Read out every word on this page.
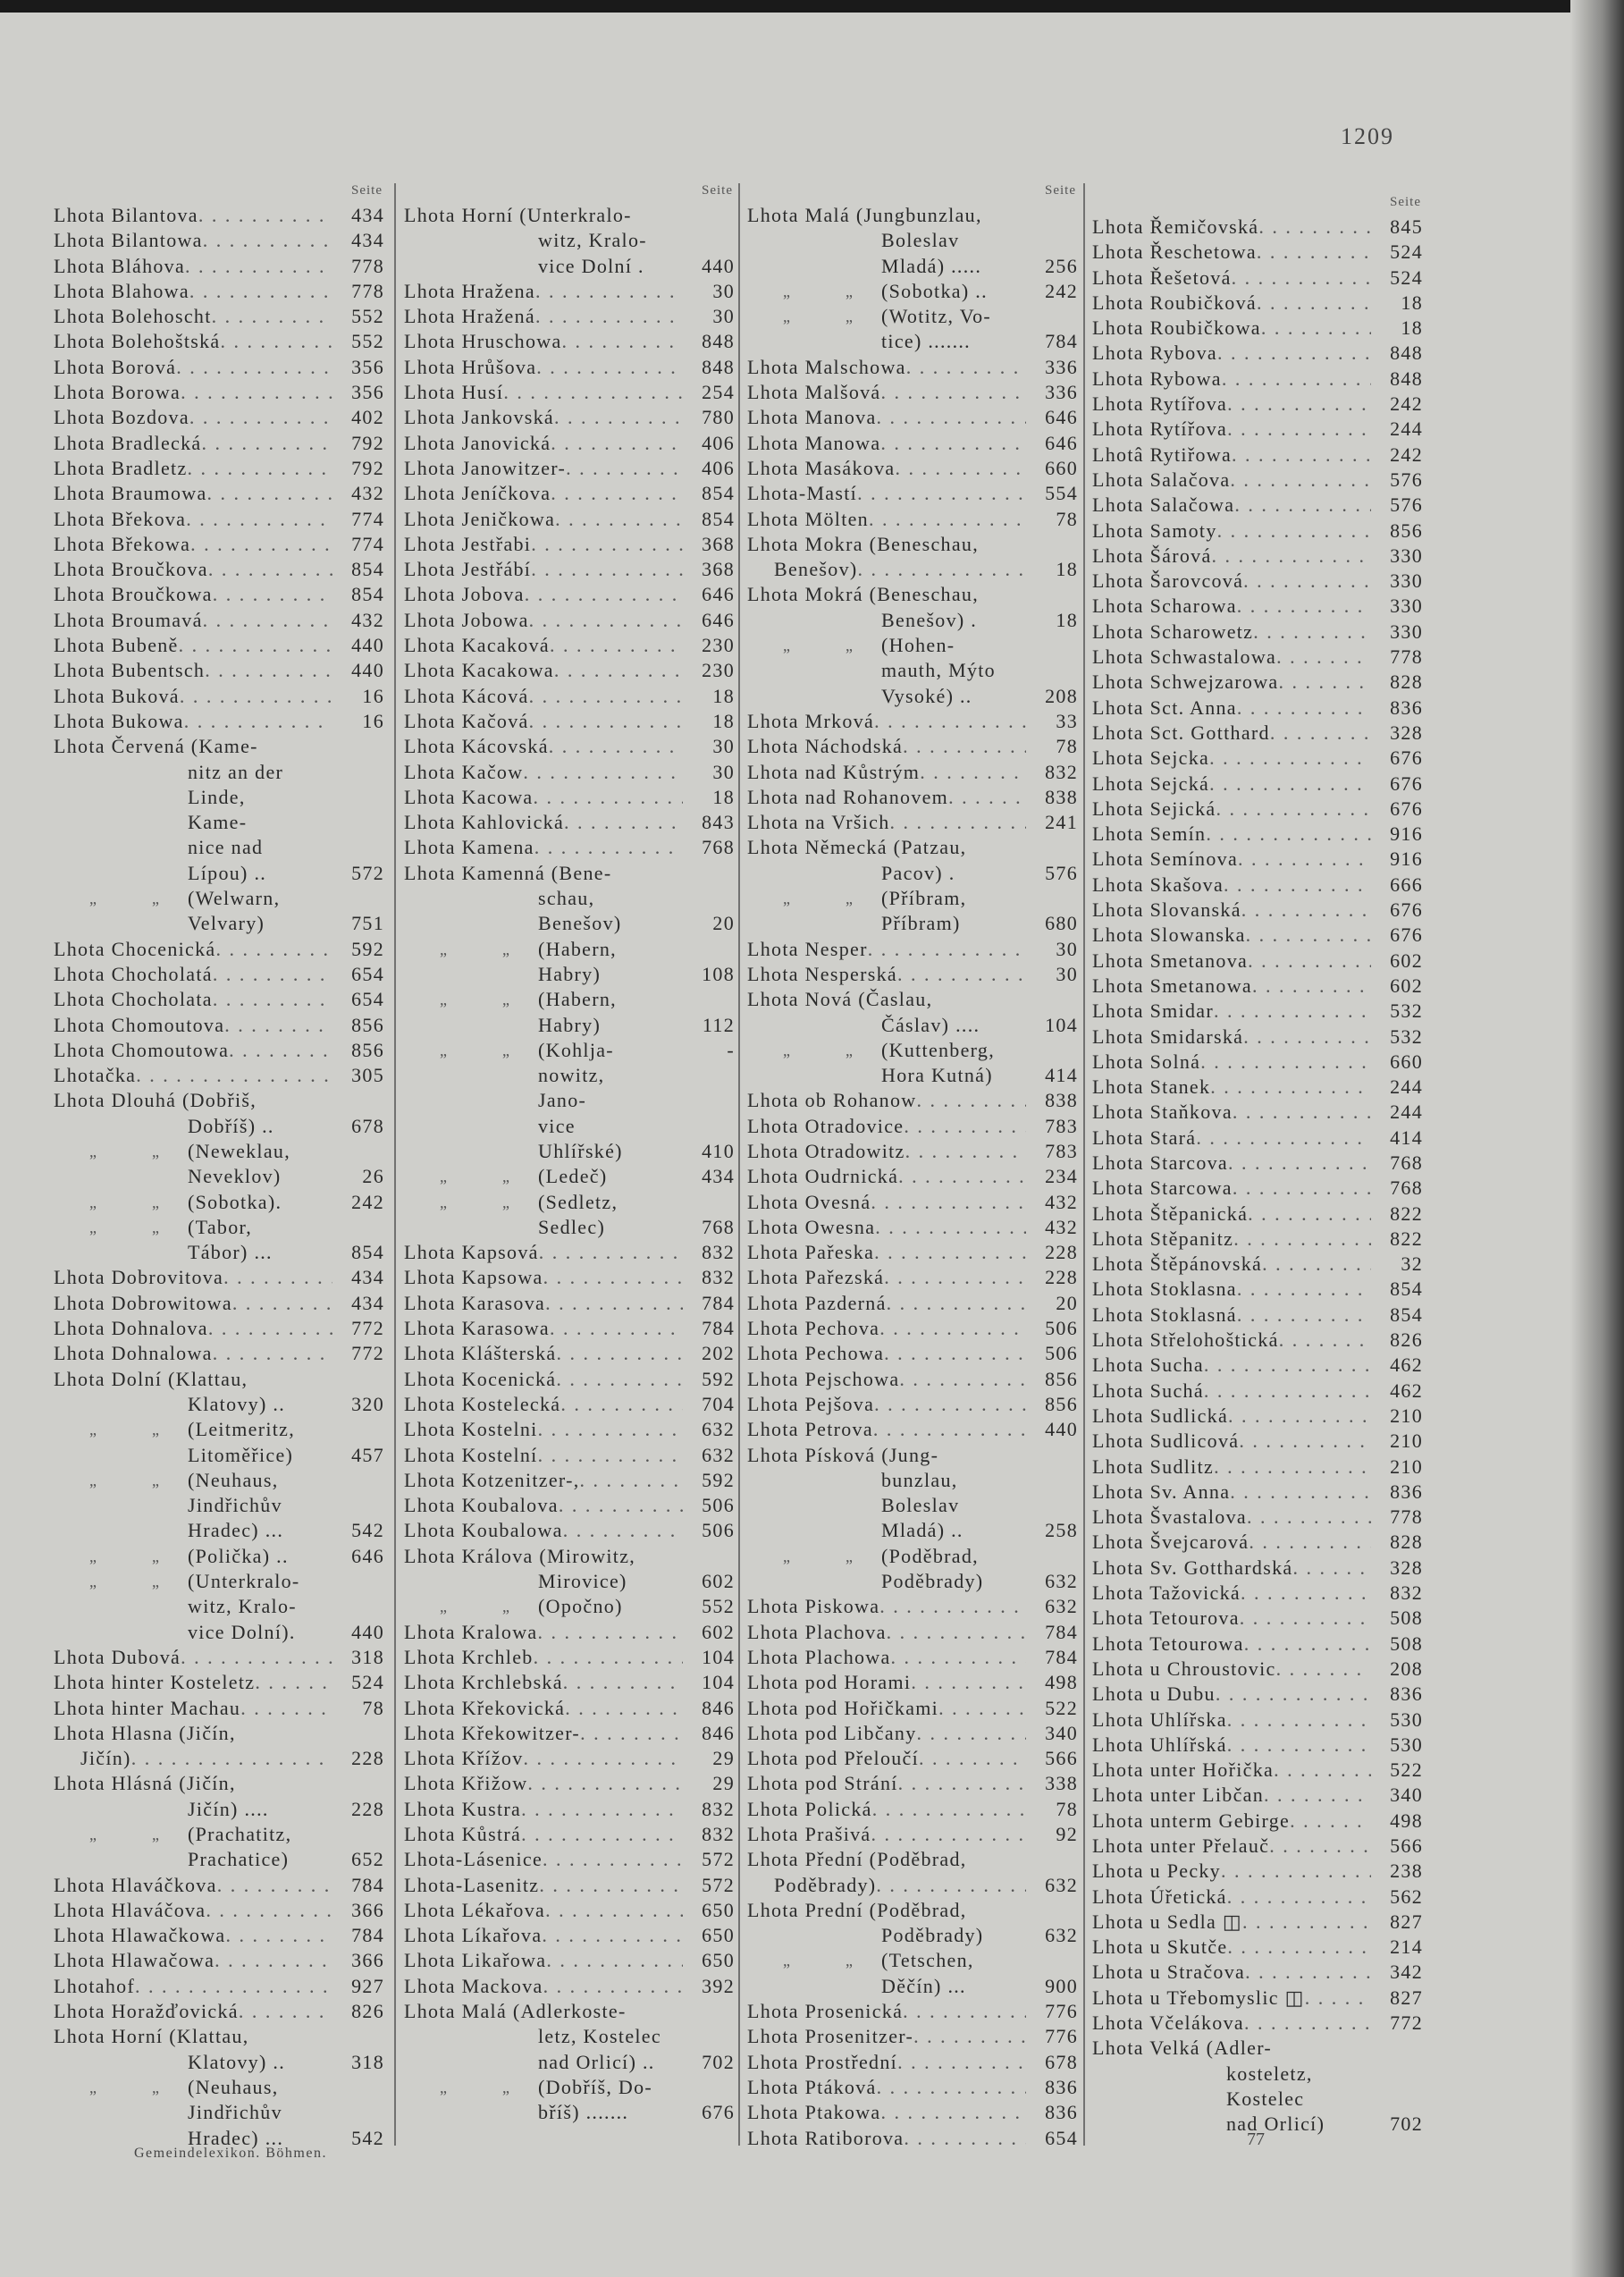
1209
Seite
Lhota Bilantova . . .	434
Lhota Bilantowa . . .	434
Lhota Bláhova . . .	778
Lhota Blahowa . . .	778
Lhota Bolehoscht . . .	552
Lhota Bolehoštská . . .	552
Lhota Borová . . .	356
Lhota Borowa . . .	356
Lhota Bozdova . . .	402
Lhota Bradlecká . . .	792
Lhota Bradletz . . .	792
Lhota Braumowa . . .	432
Lhota Břekova . . .	774
Lhota Břekowa . . .	774
Lhota Broučkova . . .	854
Lhota Broučkowa . . .	854
Lhota Broumavá . . .	432
Lhota Bubeně . . .	440
Lhota Bubentsch . . .	440
Lhota Buková . . .	16
Lhota Bukowa . . .	16
Lhota Červená (Kame-
nitz an der
Linde,
Kame-
nice nad
Lípou) ..	572
„	„ (Welwarn,
Velvary)	751
Lhota Chocenická . . .	592
Lhota Chocholatá . . .	654
Lhota Chocholata . . .	654
Lhota Chomoutova . . .	856
Lhota Chomoutowa . . .	856
Lhotačka . . .	305
Lhota Dlouhá (Dobřiš,
Dobříš) ..	678
„	„ (Neweklau,
Neveklov)	26
„	„ (Sobotka).	242
„	„ (Tabor,
Tábor) ...	854
Lhota Dobrovitova . . .	434
Lhota Dobrowitowa . . .	434
Lhota Dohnalova . . .	772
Lhota Dohnalowa . . .	772
Lhota Dolní (Klattau,
Klatovy) ..	320
„	„ (Leitmeritz,
Litoměřice)	457
„	„ (Neuhaus,
Jindřichův
Hradec) ...	542
„	„ (Polička) ..	646
„	„ (Unterkralo-
witz, Kralo-
vice Dolní).	440
Lhota Dubová . . .	318
Lhota hinter Kosteletz . . .	524
Lhota hinter Machau . . .	78
Lhota Hlasna (Jičín,
Jičín) . . .	228
Lhota Hlásná (Jičín,
Jičín) ....	228
„	„ (Prachatitz,
Prachatice)	652
Lhota Hlaváčkova . . .	784
Lhota Hlaváčova . . .	366
Lhota Hlawačkowa . . .	784
Lhota Hlawačowa . . .	366
Lhotahof . . .	927
Lhota Horažďovická . . .	826
Lhota Horní (Klattau,
Klatovy) ..	318
„	„ (Neuhaus,
Jindřichův
Hradec) ...	542
Seite
Lhota Horní (Unterkralo-
witz, Kralo-
vice Dolní .	440
Lhota Hražena . . .	30
Lhota Hražená . . .	30
Lhota Hruschowa . . .	848
Lhota Hrůšova . . .	848
Lhota Husí . . .	254
Lhota Jankovská . . .	780
Lhota Janovická . . .	406
Lhota Janowitzer- . . .	406
Lhota Jeníčkova . . .	854
Lhota Jeničkowa . . .	854
Lhota Jestřabi . . .	368
Lhota Jestřábí . . .	368
Lhota Jobova . . .	646
Lhota Jobowa . . .	646
Lhota Kacaková . . .	230
Lhota Kacakowa . . .	230
Lhota Kácová . . .	18
Lhota Kačová . . .	18
Lhota Kácovská . . .	30
Lhota Kačow . . .	30
Lhota Kacowa . . .	18
Lhota Kahlovická . . .	843
Lhota Kamena . . .	768
Lhota Kamenná (Bene-
schau,
Benešov)	20
„	„ (Habern,
Habry)	108
„	„ (Habern,
Habry)	112
„	„ (Kohlja-	-
nowitz,
Jano-
vice
Uhlířské)	410
„	„ (Ledeč)	434
„	„ (Sedletz,
Sedlec)	768
Lhota Kapsová . . .	832
Lhota Kapsowa . . .	832
Lhota Karasova . . .	784
Lhota Karasowa . . .	784
Lhota Klášterská . . .	202
Lhota Kocenická . . .	592
Lhota Kostelecká . . .	704
Lhota Kostelni . . .	632
Lhota Kostelní . . .	632
Lhota Kotzenitzer-, . . .	592
Lhota Koubalova . . .	506
Lhota Koubalowa . . .	506
Lhota Králova (Mirowitz,
Mirovice)	602
„	„ (Opočno)	552
Lhota Kralowa . . .	602
Lhota Krchleb . . .	104
Lhota Krchlebská . . .	104
Lhota Křekovická . . .	846
Lhota Křekowitzer- . . .	846
Lhota Křížov . . .	29
Lhota Křižow . . .	29
Lhota Kustra . . .	832
Lhota Kůstrá . . .	832
Lhota-Lásenice . . .	572
Lhota-Lasenitz . . .	572
Lhota Lékařova . . .	650
Lhota Líkařova . . .	650
Lhota Likařowa . . .	650
Lhota Mackova . . .	392
Lhota Malá (Adlerkoste-
letz, Kostelec
nad Orlicí) ..	702
„	„ (Dobříš, Do-
bříš) .......	676
Seite
Lhota Malá (Jungbunzlau,
Boleslav
Mladá) .....	256
„	„ (Sobotka) ..	242
„	„ (Wotitz, Vo-
tice) .......	784
Lhota Malschowa . . .	336
Lhota Malšová . . .	336
Lhota Manova . . .	646
Lhota Manowa . . .	646
Lhota Masákova . . .	660
Lhota-Mastí . . .	554
Lhota Mölten . . .	78
Lhota Mokra (Beneschau,
Benešov) . . .	18
Lhota Mokrá (Beneschau,
Benešov) .	18
„	„ (Hohen-
mauth, Mýto
Vysoké) ..	208
Lhota Mrková . . .	33
Lhota Náchodská . . .	78
Lhota nad Kůstrým . . .	832
Lhota nad Rohanovem . . .	838
Lhota na Vršich . . .	241
Lhota Německá (Patzau,
Pacov) .	576
„	„ (Příbram,
Příbram)	680
Lhota Nesper . . .	30
Lhota Nesperská . . .	30
Lhota Nová (Časlau,
Čáslav) ....	104
„	„ (Kuttenberg,
Hora Kutná)	414
Lhota ob Rohanow . . .	838
Lhota Otradovice . . .	783
Lhota Otradowitz . . .	783
Lhota Oudrnická . . .	234
Lhota Ovesná . . .	432
Lhota Owesna . . .	432
Lhota Pařeska . . .	228
Lhota Pařezská . . .	228
Lhota Pazderná . . .	20
Lhota Pechova . . .	506
Lhota Pechowa . . .	506
Lhota Pejschowa . . .	856
Lhota Pejšova . . .	856
Lhota Petrova . . .	440
Lhota Písková (Jung-
bunzlau,
Boleslav
Mladá) ..	258
„	„ (Poděbrad,
Poděbrady)	632
Lhota Piskowa . . .	632
Lhota Plachova . . .	784
Lhota Plachowa . . .	784
Lhota pod Horami . . .	498
Lhota pod Hořičkami . . .	522
Lhota pod Libčany . . .	340
Lhota pod Přeloučí . . .	566
Lhota pod Strání . . .	338
Lhota Polická . . .	78
Lhota Prašivá . . .	92
Lhota Přední (Poděbrad,
Poděbrady) . . .	632
Lhota Prední (Poděbrad,
Poděbrady)	632
„	„ (Tetschen,
Děčín) ...	900
Lhota Prosenická . . .	776
Lhota Prosenitzer- . . .	776
Lhota Prostřední . . .	678
Lhota Ptáková . . .	836
Lhota Ptakowa . . .	836
Lhota Ratiborova . . .	654
Seite
Lhota Řemičovská . . .	845
Lhota Řeschetowa . . .	524
Lhota Řešetová . . .	524
Lhota Roubičková . . .	18
Lhota Roubičkowa . . .	18
Lhota Rybova . . .	848
Lhota Rybowa . . .	848
Lhota Rytířova . . .	242
Lhota Rytířova . . .	244
Lhotâ Rytiřowa . . .	242
Lhota Salačova . . .	576
Lhota Salačowa . . .	576
Lhota Samoty . . .	856
Lhota Šárová . . .	330
Lhota Šarovcová . . .	330
Lhota Scharowa . . .	330
Lhota Scharowetz . . .	330
Lhota Schwastalowa . . .	778
Lhota Schwejzarowa . . .	828
Lhota Sct. Anna . . .	836
Lhota Sct. Gotthard . . .	328
Lhota Sejcka . . .	676
Lhota Sejcká . . .	676
Lhota Sejická . . .	676
Lhota Semín . . .	916
Lhota Semínova . . .	916
Lhota Skašova . . .	666
Lhota Slovanská . . .	676
Lhota Slowanska . . .	676
Lhota Smetanova . . .	602
Lhota Smetanowa . . .	602
Lhota Smidar . . .	532
Lhota Smidarská . . .	532
Lhota Solná . . .	660
Lhota Stanek . . .	244
Lhota Staňkova . . .	244
Lhota Stará . . .	414
Lhota Starcova . . .	768
Lhota Starcowa . . .	768
Lhota Štěpanická . . .	822
Lhota Stěpanitz . . .	822
Lhota Štěpánovská . . .	32
Lhota Stoklasna . . .	854
Lhota Stoklasná . . .	854
Lhota Střelohoštická . . .	826
Lhota Sucha . . .	462
Lhota Suchá . . .	462
Lhota Sudlická . . .	210
Lhota Sudlicová . . .	210
Lhota Sudlitz . . .	210
Lhota Sv. Anna . . .	836
Lhota Švastalova . . .	778
Lhota Švejcarová . . .	828
Lhota Sv. Gotthardská . . .	328
Lhota Tažovická . . .	832
Lhota Tetourova . . .	508
Lhota Tetourowa . . .	508
Lhota u Chroustovic . . .	208
Lhota u Dubu . . .	836
Lhota Uhlířska . . .	530
Lhota Uhlířská . . .	530
Lhota unter Hořička . . .	522
Lhota unter Libčan . . .	340
Lhota unterm Gebirge . . .	498
Lhota unter Přelauč . . .	566
Lhota u Pecky . . .	238
Lhota Úřetická . . .	562
Lhota u Sedla ◫ . . .	827
Lhota u Skutče . . .	214
Lhota u Stračova . . .	342
Lhota u Třebomyslic ◫ . . .	827
Lhota Včelákova . . .	772
Lhota Velká (Adler-
kosteletz,
Kostelec
nad Orlicí)	702
Gemeindelexikon. Böhmen.
77
